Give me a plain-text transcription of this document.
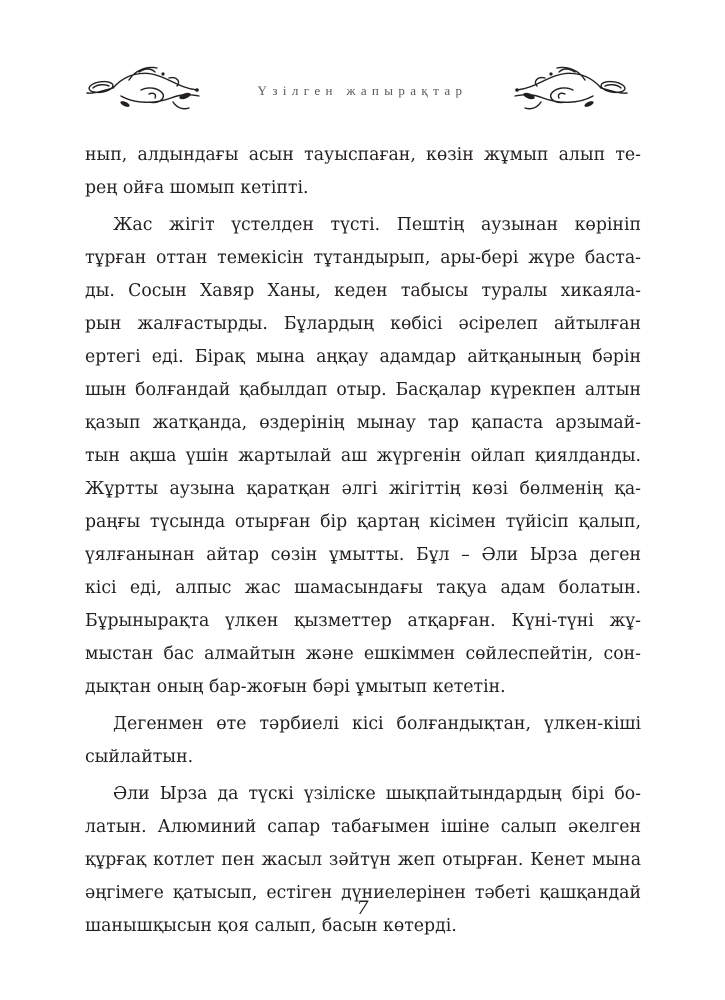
Үзілген жапырақтар
нып, алдындағы асын тауыспаған, көзін жұмып алып те-
рең ойға шомып кетіпті.
Жас жігіт үстелден түсті. Пештің аузынан көрініп
тұрған оттан темекісін тұтандырып, ары-бері жүре баста-
ды. Сосын Хавяр Ханы, кеден табысы туралы хикаяла-
рын жалғастырды. Бұлардың көбісі әсірелеп айтылған
ертегі еді. Бірақ мына аңқау адамдар айтқанының бәрін
шын болғандай қабылдап отыр. Басқалар күрекпен алтын
қазып жатқанда, өздерінің мынау тар қапаста арзымай-
тын ақша үшін жартылай аш жүргенін ойлап қиялданды.
Жұртты аузына қаратқан әлгі жігіттің көзі бөлменің қа-
раңғы түсында отырған бір қартаң кісімен түйісіп қалып,
үялғанынан айтар сөзін ұмытты. Бұл – Әли Ырза деген
кісі еді, алпыс жас шамасындағы тақуа адам болатын.
Бұрынырақта үлкен қызметтер атқарған. Күні-түні жұ-
мыстан бас алмайтын және ешкіммен сөйлеспейтін, сон-
дықтан оның бар-жоғын бәрі ұмытып кететін.
Дегенмен өте тәрбиелі кісі болғандықтан, үлкен-кіші
сыйлайтын.
Әли Ырза да түскі үзіліске шықпайтындардың бірі бо-
латын. Алюминий сапар табағымен ішіне салып әкелген
құрғақ котлет пен жасыл зәйтүн жеп отырған. Кенет мына
әңгімеге қатысып, естіген дүниелерінен тәбеті қашқандай
шанышқысын қоя салып, басын көтерді.
7
